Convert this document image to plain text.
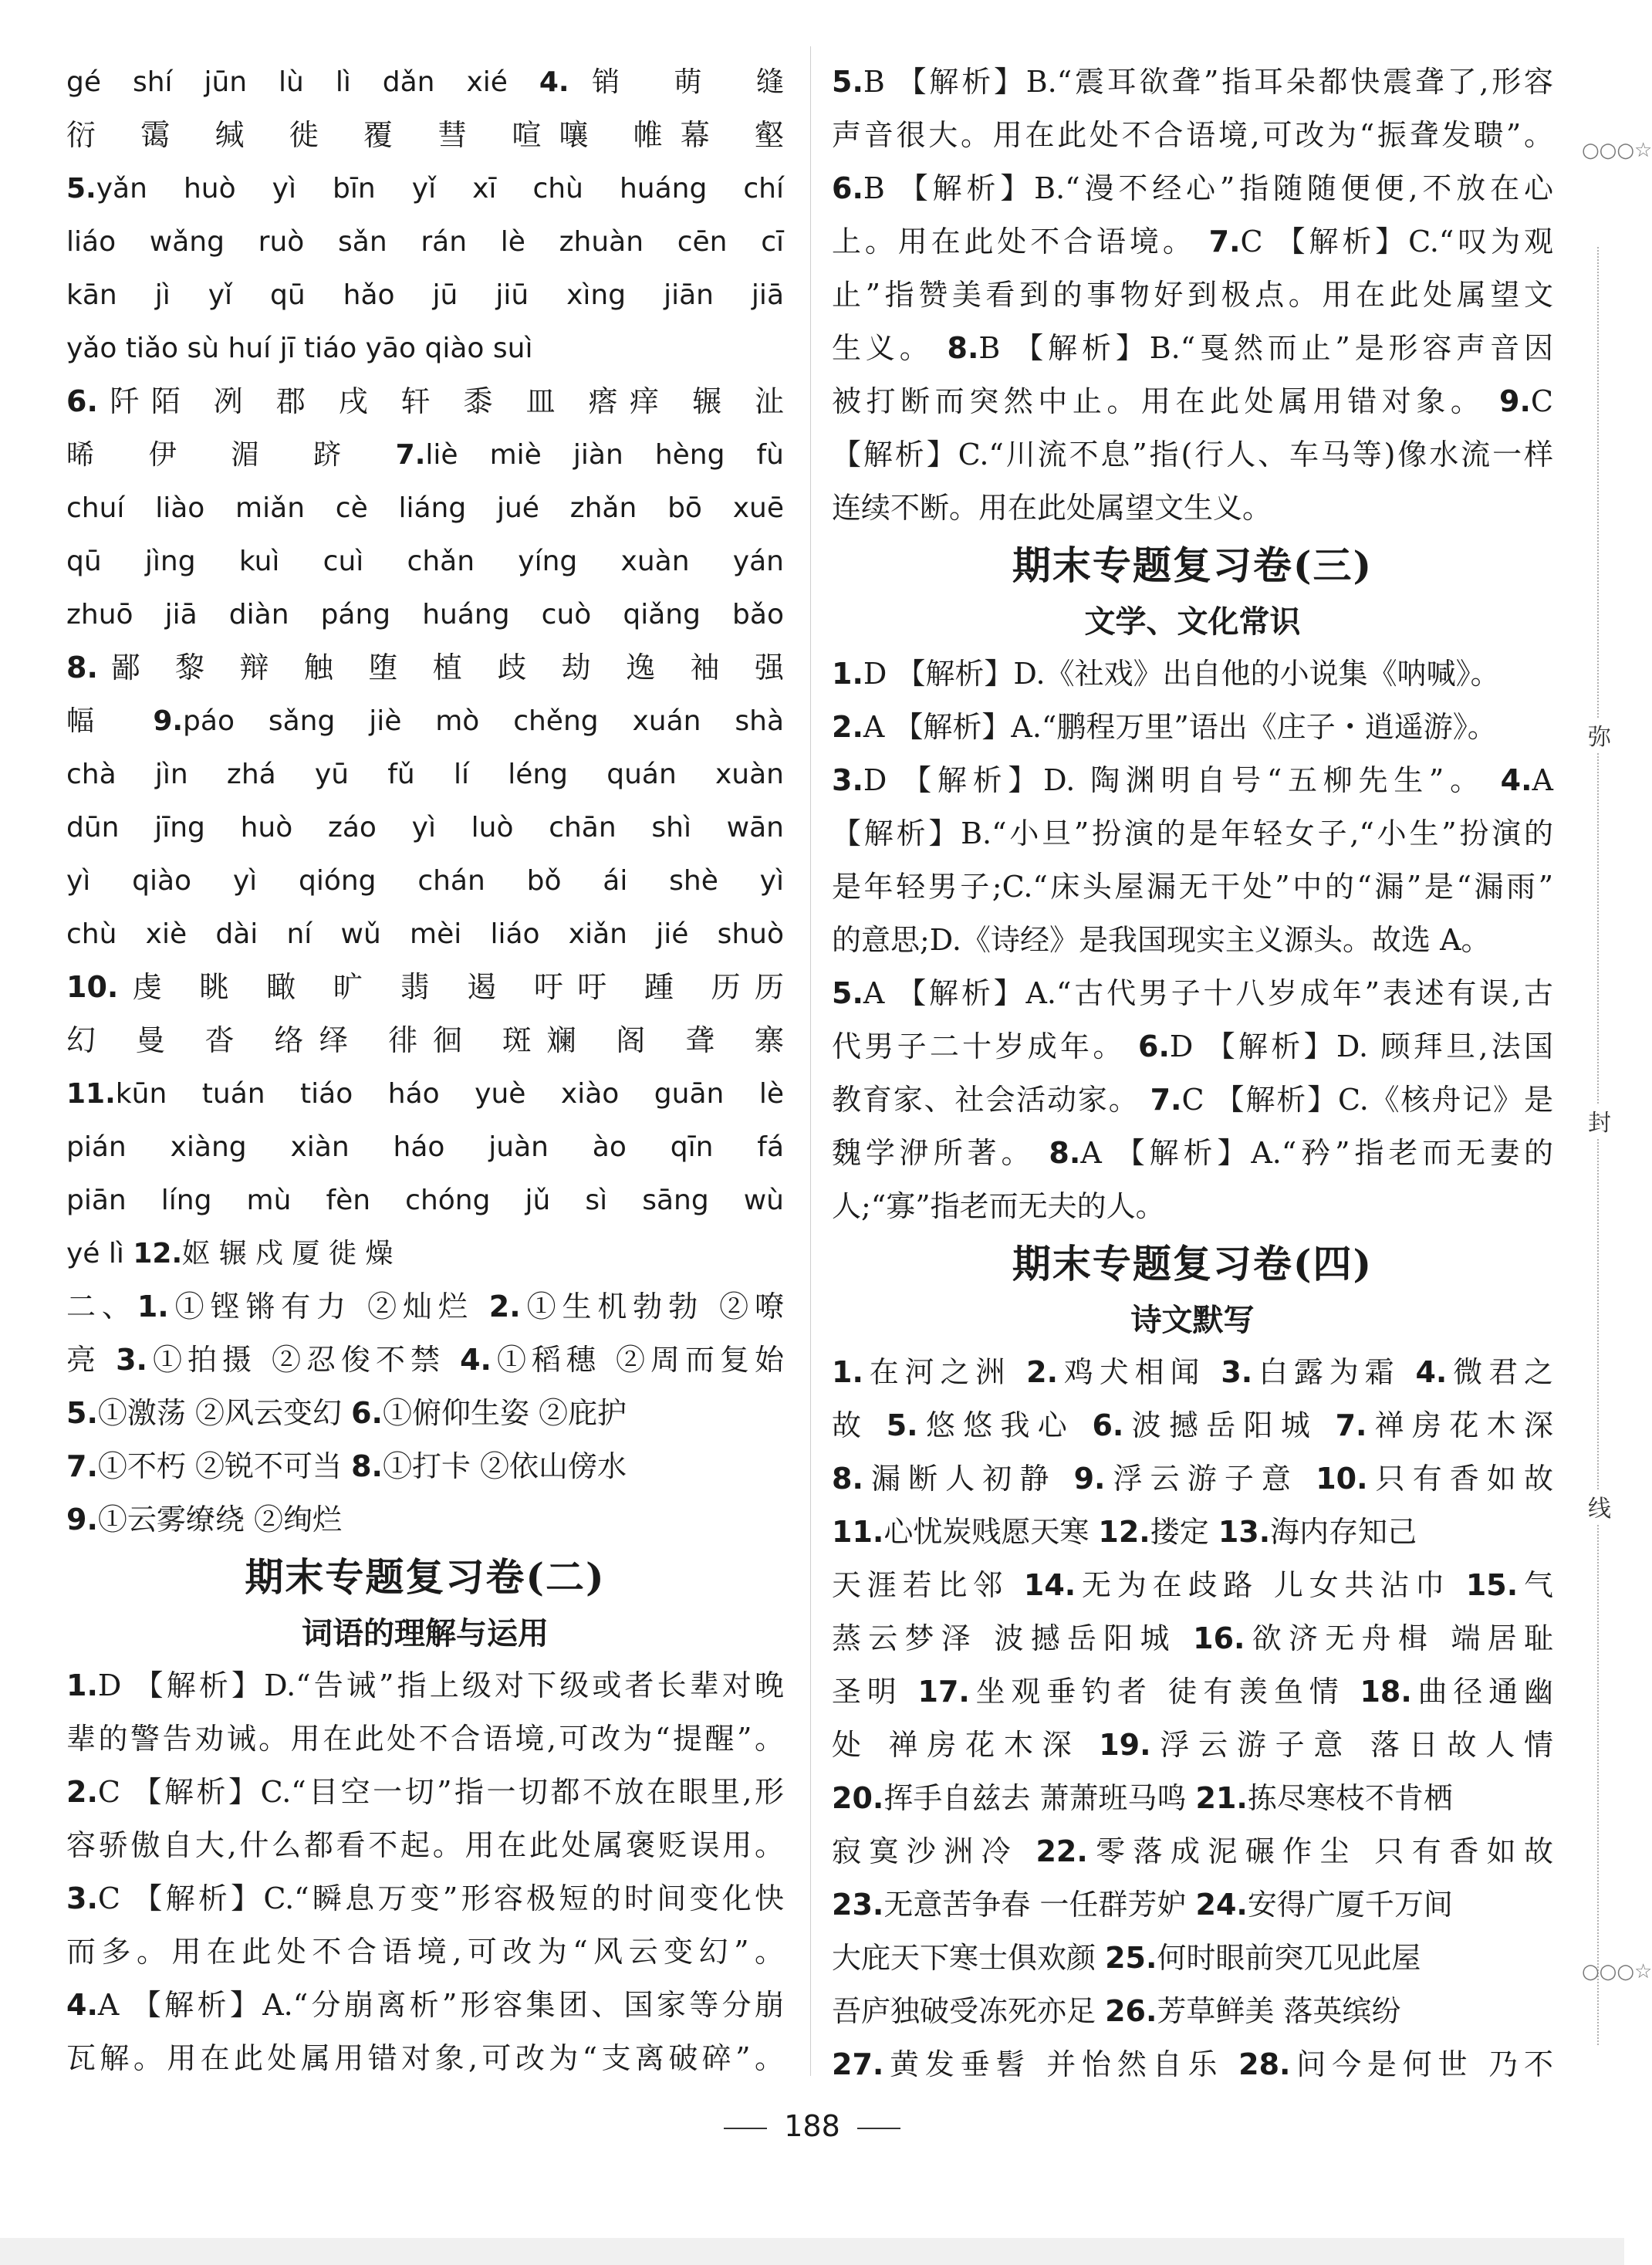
gé shí jūn lù lì dǎn xié 4.销 萌 缝
衍 霭 缄 徙 覆 彗 喧嚷 帷幕 壑
5.yǎn huò yì bīn yǐ xī chù huáng chí
liáo wǎng ruò sǎn rán lè zhuàn cēn cī
kān jì yǐ qū hǎo jū jiū xìng jiān jiā
yǎo tiǎo sù huí jī tiáo yāo qiào suì
6.阡陌 冽 郡 戌 轩 黍 皿 瘩痒 辗 沚
晞 伊 湄 跻 7.liè miè jiàn hèng fù
chuí liào miǎn cè liáng jué zhǎn bō xuē
qū jìng kuì cuì chǎn yíng xuàn yán
zhuō jiā diàn páng huáng cuò qiǎng bǎo
8.鄙 黎 辩 触 堕 植 歧 劫 逸 袖 强
幅 9.páo sǎng jiè mò chěng xuán shà
chà jìn zhá yū fǔ lí léng quán xuàn
dūn jīng huò záo yì luò chān shì wān
yì qiào yì qióng chán bǒ ái shè yì
chù xiè dài ní wǔ mèi liáo xiǎn jié shuò
10.虔 眺 瞰 旷 翡 遏 吁吁 踵 历历
幻 曼 沓 络绎 徘徊 斑斓 阁 聋 寨
11.kūn tuán tiáo háo yuè xiào guān lè
pián xiàng xiàn háo juàn ào qīn fá
piān líng mù fèn chóng jǔ sì sāng wù
yé lì 12.妪 辗 戍 厦 徙 燥
二、1.①铿锵有力 ②灿烂 2.①生机勃勃 ②嘹
亮 3.①拍摄 ②忍俊不禁 4.①稻穗 ②周而复始
5.①激荡 ②风云变幻 6.①俯仰生姿 ②庇护
7.①不朽 ②锐不可当 8.①打卡 ②依山傍水
9.①云雾缭绕 ②绚烂
期末专题复习卷(二)
词语的理解与运用
1.D 【解析】D.“告诫”指上级对下级或者长辈对晚
辈的警告劝诫。用在此处不合语境,可改为“提醒”。
2.C 【解析】C.“目空一切”指一切都不放在眼里,形
容骄傲自大,什么都看不起。用在此处属褒贬误用。
3.C 【解析】C.“瞬息万变”形容极短的时间变化快
而多。用在此处不合语境,可改为“风云变幻”。
4.A 【解析】A.“分崩离析”形容集团、国家等分崩
瓦解。用在此处属用错对象,可改为“支离破碎”。
5.B 【解析】B.“震耳欲聋”指耳朵都快震聋了,形容
声音很大。用在此处不合语境,可改为“振聋发聩”。
6.B 【解析】B.“漫不经心”指随随便便,不放在心
上。用在此处不合语境。 7.C 【解析】C.“叹为观
止”指赞美看到的事物好到极点。用在此处属望文
生义。 8.B 【解析】B.“戛然而止”是形容声音因
被打断而突然中止。用在此处属用错对象。 9.C
【解析】C.“川流不息”指(行人、车马等)像水流一样
连续不断。用在此处属望文生义。
期末专题复习卷(三)
文学、文化常识
1.D 【解析】D.《社戏》出自他的小说集《呐喊》。
2.A 【解析】A.“鹏程万里”语出《庄子・逍遥游》。
3.D 【解析】D. 陶渊明自号“五柳先生”。 4.A
【解析】B.“小旦”扮演的是年轻女子,“小生”扮演的
是年轻男子;C.“床头屋漏无干处”中的“漏”是“漏雨”
的意思;D.《诗经》是我国现实主义源头。故选 A。
5.A 【解析】A.“古代男子十八岁成年”表述有误,古
代男子二十岁成年。 6.D 【解析】D. 顾拜旦,法国
教育家、社会活动家。 7.C 【解析】C.《核舟记》是
魏学洢所著。 8.A 【解析】A.“矜”指老而无妻的
人;“寡”指老而无夫的人。
期末专题复习卷(四)
诗文默写
1.在河之洲 2.鸡犬相闻 3.白露为霜 4.微君之
故 5.悠悠我心 6.波撼岳阳城 7.禅房花木深
8.漏断人初静 9.浮云游子意 10.只有香如故
11.心忧炭贱愿天寒 12.搂定 13.海内存知己
天涯若比邻 14.无为在歧路 儿女共沾巾 15.气
蒸云梦泽 波撼岳阳城 16.欲济无舟楫 端居耻
圣明 17.坐观垂钓者 徒有羡鱼情 18.曲径通幽
处 禅房花木深 19.浮云游子意 落日故人情
20.挥手自兹去 萧萧班马鸣 21.拣尽寒枝不肯栖
寂寞沙洲冷 22.零落成泥碾作尘 只有香如故
23.无意苦争春 一任群芳妒 24.安得广厦千万间
大庇天下寒士俱欢颜 25.何时眼前突兀见此屋
吾庐独破受冻死亦足 26.芳草鲜美 落英缤纷
27.黄发垂髫 并怡然自乐 28.问今是何世 乃不
188
弥
封
线
○○○☆
○○○☆
